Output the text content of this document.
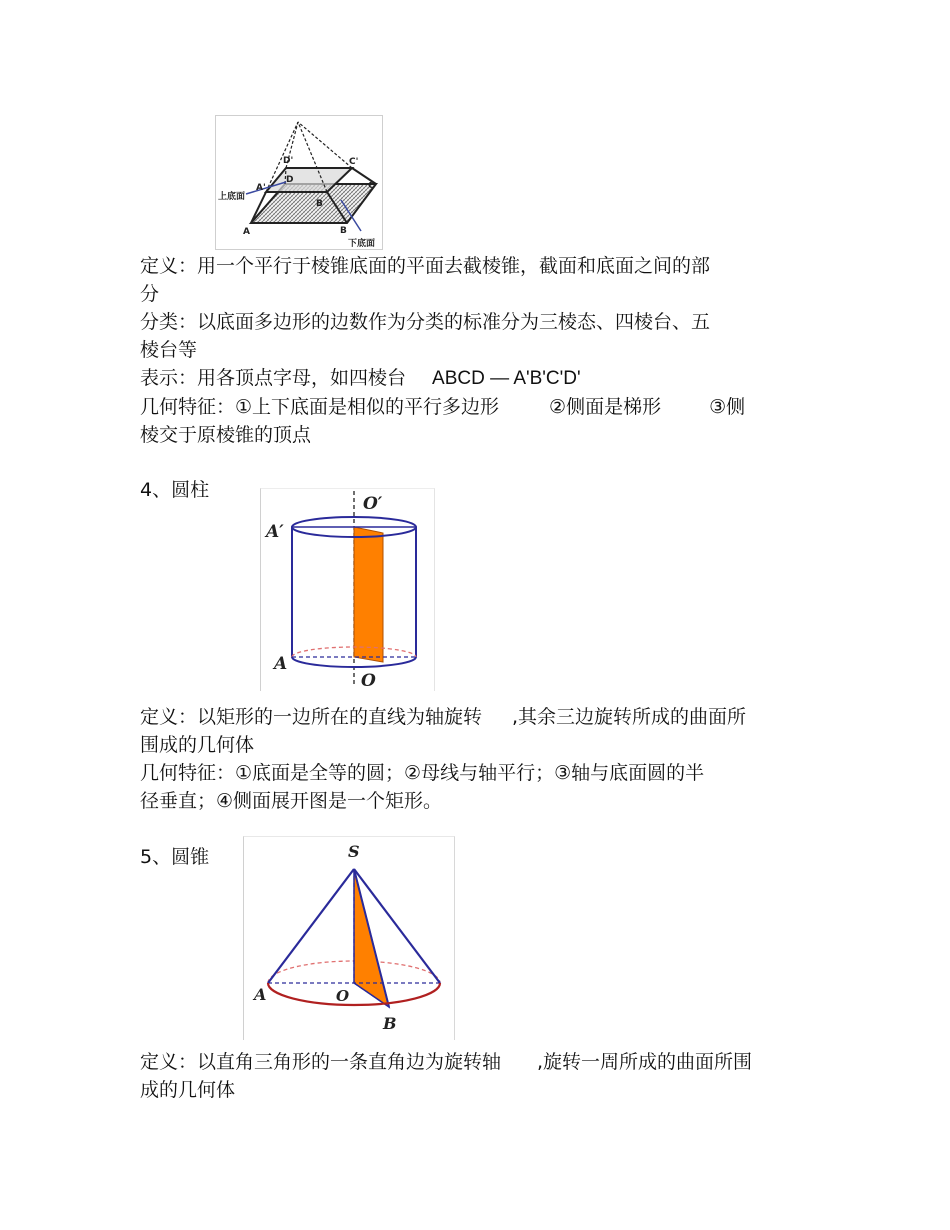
D'	C'
A'
D
C
B
B
A
上底面
下底面
定义：用一个平行于棱锥底面的平面去截棱锥，截面和底面之间的部
分
分类：以底面多边形的边数作为分类的标准分为三棱态、四棱台、五
棱台等
表示：用各顶点字母，如四棱台 ABCD — A'B'C'D'
几何特征：①上下底面是相似的平行多边形	②侧面是梯形	③侧
棱交于原棱锥的顶点
4、圆柱
O′
A′
A
O
定义：以矩形的一边所在的直线为轴旋转 ,其余三边旋转所成的曲面所
围成的几何体
几何特征：①底面是全等的圆；②母线与轴平行；③轴与底面圆的半
径垂直；④侧面展开图是一个矩形。
5、圆锥	S
A	O
B
定义：以直角三角形的一条直角边为旋转轴 ,旋转一周所成的曲面所围
成的几何体
